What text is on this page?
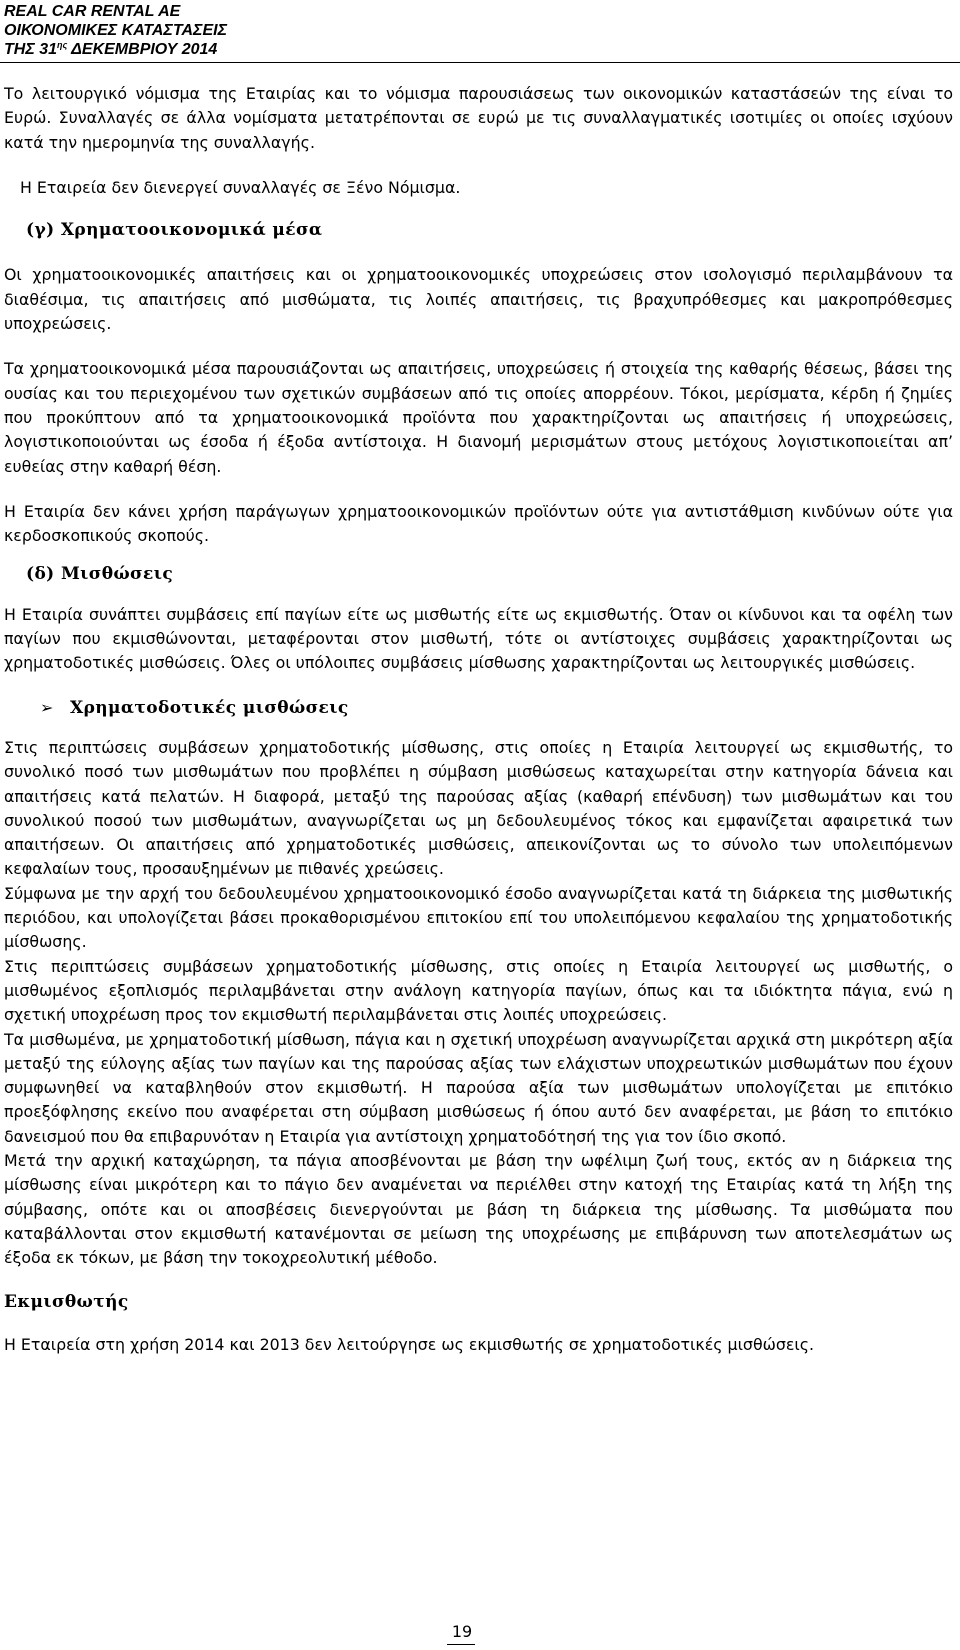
REAL CAR RENTAL AE
ΟΙΚΟΝΟΜΙΚΕΣ ΚΑΤΑΣΤΑΣΕΙΣ
ΤΗΣ $31^{\eta\varsigma}$ ΔΕΚΕΜΒΡΙΟΥ 2014

Το λειτουργικό νόμισμα της Εταιρίας και το νόμισμα παρουσιάσεως των οικονομικών καταστάσεών της είναι το Ευρώ. Συναλλαγές σε άλλα νομίσματα μετατρέπονται σε ευρώ με τις συναλλαγματικές ισοτιμίες οι οποίες ισχύουν κατά την ημερομηνία της συναλλαγής.

Η Εταιρεία δεν διενεργεί συναλλαγές σε Ξένο Νόμισμα.

(γ) Χρηματοοικονομικά μέσα

Οι χρηματοοικονομικές απαιτήσεις και οι χρηματοοικονομικές υποχρεώσεις στον ισολογισμό περιλαμβάνουν τα διαθέσιμα, τις απαιτήσεις από μισθώματα, τις λοιπές απαιτήσεις, τις βραχυπρόθεσμες και μακροπρόθεσμες υποχρεώσεις.

Τα χρηματοοικονομικά μέσα παρουσιάζονται ως απαιτήσεις, υποχρεώσεις ή στοιχεία της καθαρής θέσεως, βάσει της ουσίας και του περιεχομένου των σχετικών συμβάσεων από τις οποίες απορρέουν. Τόκοι, μερίσματα, κέρδη ή ζημίες που προκύπτουν από τα χρηματοοικονομικά προϊόντα που χαρακτηρίζονται ως απαιτήσεις ή υποχρεώσεις, λογιστικοποιούνται ως έσοδα ή έξοδα αντίστοιχα. Η διανομή μερισμάτων στους μετόχους λογιστικοποιείται απ’ ευθείας στην καθαρή θέση.

Η Εταιρία δεν κάνει χρήση παράγωγων χρηματοοικονομικών προϊόντων ούτε για αντιστάθμιση κινδύνων ούτε για κερδοσκοπικούς σκοπούς.

(δ) Μισθώσεις

Η Εταιρία συνάπτει συμβάσεις επί παγίων είτε ως μισθωτής είτε ως εκμισθωτής. Όταν οι κίνδυνοι και τα οφέλη των παγίων που εκμισθώνονται, μεταφέρονται στον μισθωτή, τότε οι αντίστοιχες συμβάσεις χαρακτηρίζονται ως χρηματοδοτικές μισθώσεις. Όλες οι υπόλοιπες συμβάσεις μίσθωσης χαρακτηρίζονται ως λειτουργικές μισθώσεις.

➢ Χρηματοδοτικές μισθώσεις

Στις περιπτώσεις συμβάσεων χρηματοδοτικής μίσθωσης, στις οποίες η Εταιρία λειτουργεί ως εκμισθωτής, το συνολικό ποσό των μισθωμάτων που προβλέπει η σύμβαση μισθώσεως καταχωρείται στην κατηγορία δάνεια και απαιτήσεις κατά πελατών. Η διαφορά, μεταξύ της παρούσας αξίας (καθαρή επένδυση) των μισθωμάτων και του συνολικού ποσού των μισθωμάτων, αναγνωρίζεται ως μη δεδουλευμένος τόκος και εμφανίζεται αφαιρετικά των απαιτήσεων. Οι απαιτήσεις από χρηματοδοτικές μισθώσεις, απεικονίζονται ως το σύνολο των υπολειπόμενων κεφαλαίων τους, προσαυξημένων με πιθανές χρεώσεις.

Σύμφωνα με την αρχή του δεδουλευμένου χρηματοοικονομικό έσοδο αναγνωρίζεται κατά τη διάρκεια της μισθωτικής περιόδου, και υπολογίζεται βάσει προκαθορισμένου επιτοκίου επί του υπολειπόμενου κεφαλαίου της χρηματοδοτικής μίσθωσης.

Στις περιπτώσεις συμβάσεων χρηματοδοτικής μίσθωσης, στις οποίες η Εταιρία λειτουργεί ως μισθωτής, ο μισθωμένος εξοπλισμός περιλαμβάνεται στην ανάλογη κατηγορία παγίων, όπως και τα ιδιόκτητα πάγια, ενώ η σχετική υποχρέωση προς τον εκμισθωτή περιλαμβάνεται στις λοιπές υποχρεώσεις.

Τα μισθωμένα, με χρηματοδοτική μίσθωση, πάγια και η σχετική υποχρέωση αναγνωρίζεται αρχικά στη μικρότερη αξία μεταξύ της εύλογης αξίας των παγίων και της παρούσας αξίας των ελάχιστων υποχρεωτικών μισθωμάτων που έχουν συμφωνηθεί να καταβληθούν στον εκμισθωτή. Η παρούσα αξία των μισθωμάτων υπολογίζεται με επιτόκιο προεξόφλησης εκείνο που αναφέρεται στη σύμβαση μισθώσεως ή όπου αυτό δεν αναφέρεται, με βάση το επιτόκιο δανεισμού που θα επιβαρυνόταν η Εταιρία για αντίστοιχη χρηματοδότησή της για τον ίδιο σκοπό.

Μετά την αρχική καταχώρηση, τα πάγια αποσβένονται με βάση την ωφέλιμη ζωή τους, εκτός αν η διάρκεια της μίσθωσης είναι μικρότερη και το πάγιο δεν αναμένεται να περιέλθει στην κατοχή της Εταιρίας κατά τη λήξη της σύμβασης, οπότε και οι αποσβέσεις διενεργούνται με βάση τη διάρκεια της μίσθωσης. Τα μισθώματα που καταβάλλονται στον εκμισθωτή κατανέμονται σε μείωση της υποχρέωσης με επιβάρυνση των αποτελεσμάτων ως έξοδα εκ τόκων, με βάση την τοκοχρεολυτική μέθοδο.

Εκμισθωτής

Η Εταιρεία στη χρήση 2014 και 2013 δεν λειτούργησε ως εκμισθωτής σε χρηματοδοτικές μισθώσεις.

19
